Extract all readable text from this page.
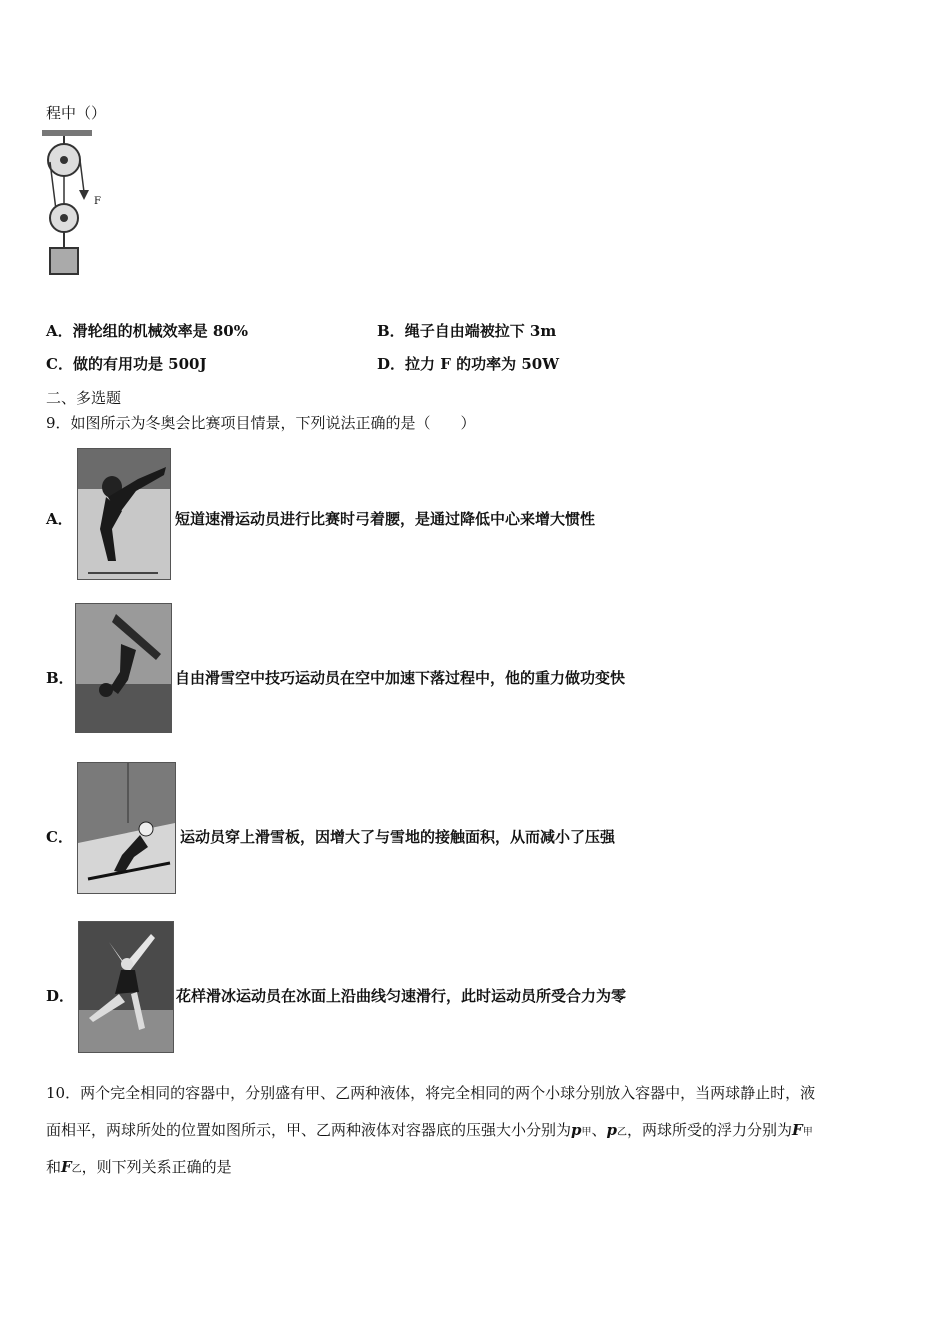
程中（）
F
A．滑轮组的机械效率是 80%	B．绳子自由端被拉下 3m
C．做的有用功是 500J	D．拉力 F 的功率为 50W
二、多选题
9．如图所示为冬奥会比赛项目情景，下列说法正确的是（　　）
A．	短道速滑运动员进行比赛时弓着腰，是通过降低中心来增大惯性
B．	自由滑雪空中技巧运动员在空中加速下落过程中，他的重力做功变快
C．	运动员穿上滑雪板，因增大了与雪地的接触面积，从而减小了压强
D．	花样滑冰运动员在冰面上沿曲线匀速滑行，此时运动员所受合力为零
10．两个完全相同的容器中，分别盛有甲、乙两种液体，将完全相同的两个小球分别放入容器中，当两球静止时，液
面相平，两球所处的位置如图所示，甲、乙两种液体对容器底的压强大小分别为p甲、p乙，两球所受的浮力分别为F甲
和F乙，则下列关系正确的是
